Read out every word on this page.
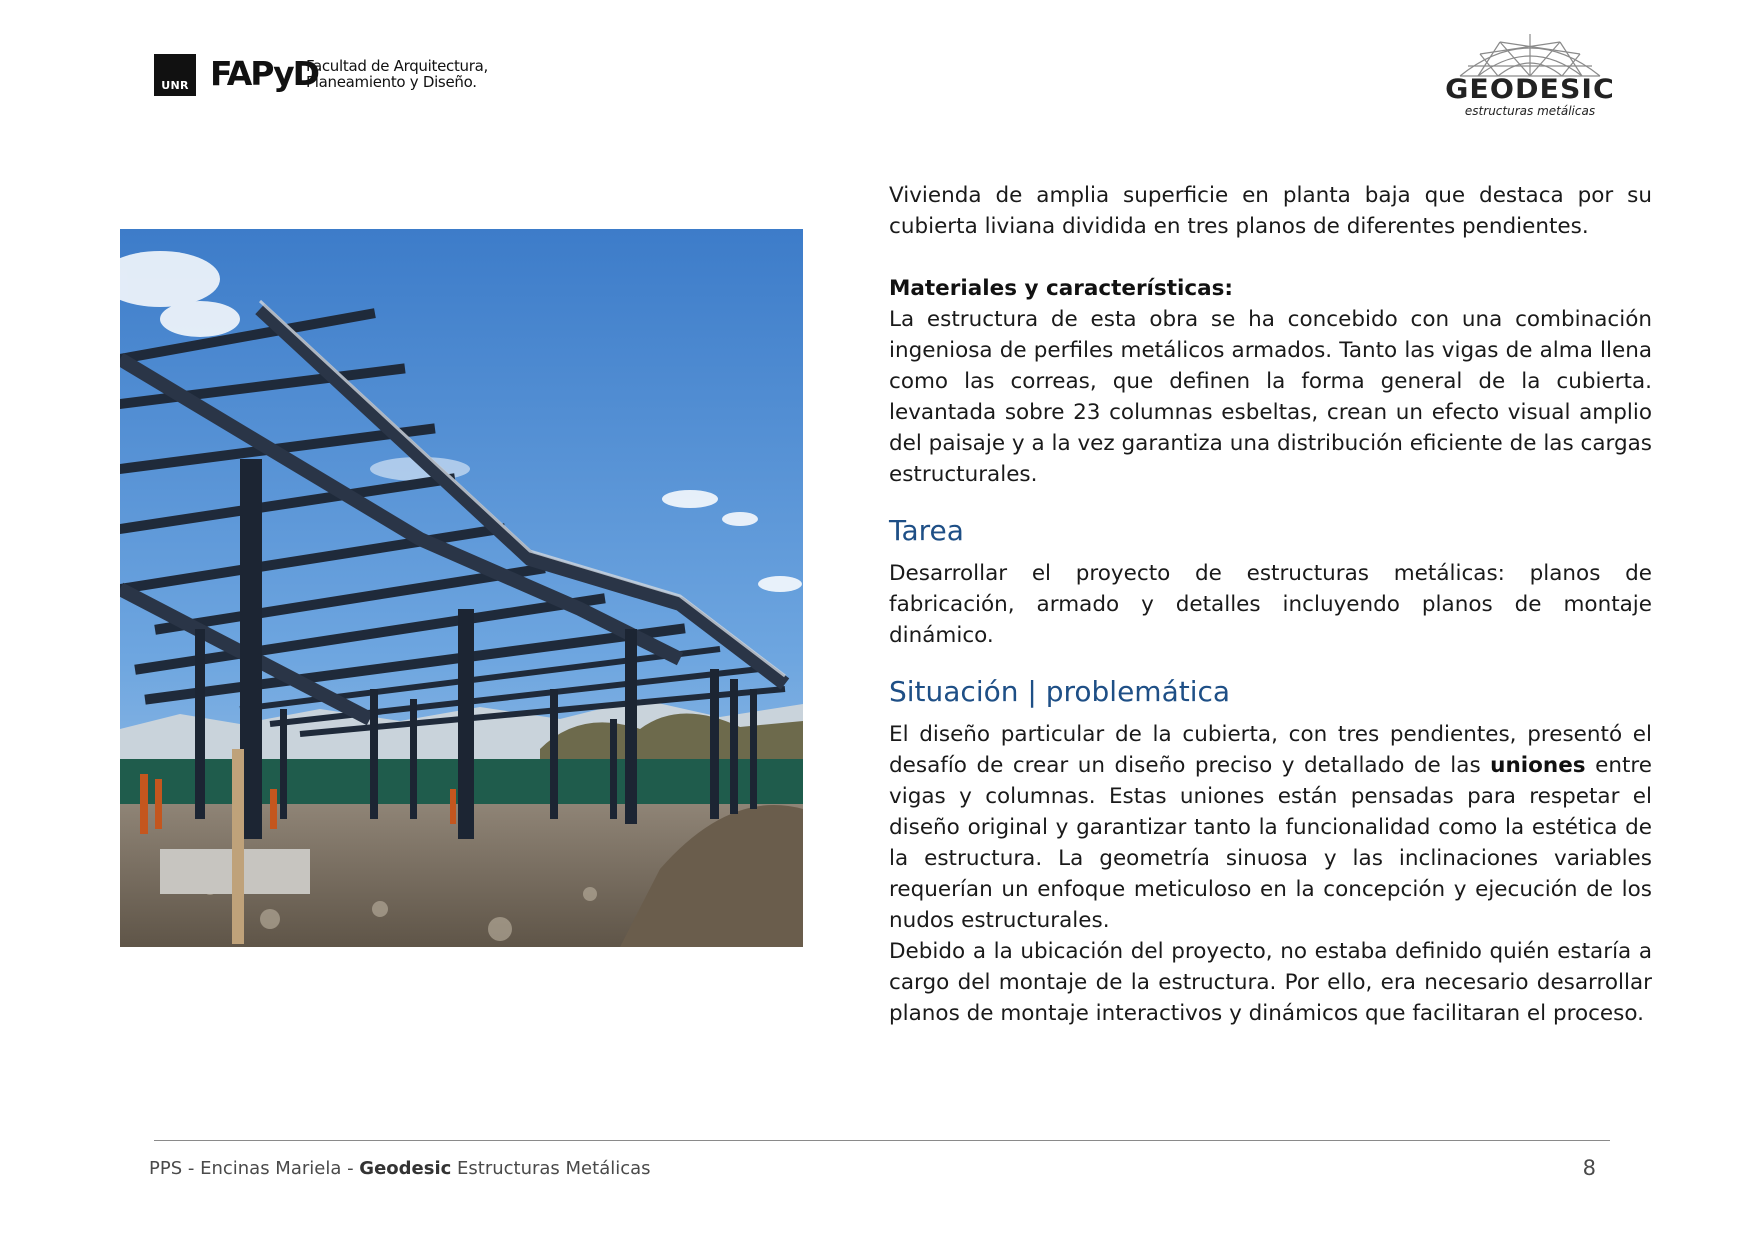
UNR FAPyD
Facultad de Arquitectura,
Planeamiento y Diseño.	GEODESIC
estructuras metálicas

Vivienda de amplia superficie en planta baja que destaca por su cubierta liviana dividida en tres planos de diferentes pendientes.

Materiales y características:

La estructura de esta obra se ha concebido con una combinación ingeniosa de perfiles metálicos armados. Tanto las vigas de alma llena como las correas, que definen la forma general de la cubierta. levantada sobre 23 columnas esbeltas, crean un efecto visual amplio del paisaje y a la vez garantiza una distribución eficiente de las cargas estructurales.

Tarea

Desarrollar el proyecto de estructuras metálicas: planos de fabricación, armado y detalles incluyendo planos de montaje dinámico.

Situación | problemática

El diseño particular de la cubierta, con tres pendientes, presentó el desafío de crear un diseño preciso y detallado de las uniones entre vigas y columnas. Estas uniones están pensadas para respetar el diseño original y garantizar tanto la funcionalidad como la estética de la estructura. La geometría sinuosa y las inclinaciones variables requerían un enfoque meticuloso en la concepción y ejecución de los nudos estructurales.

Debido a la ubicación del proyecto, no estaba definido quién estaría a cargo del montaje de la estructura. Por ello, era necesario desarrollar planos de montaje interactivos y dinámicos que facilitaran el proceso.

PPS - Encinas Mariela - Geodesic Estructuras Metálicas	8
